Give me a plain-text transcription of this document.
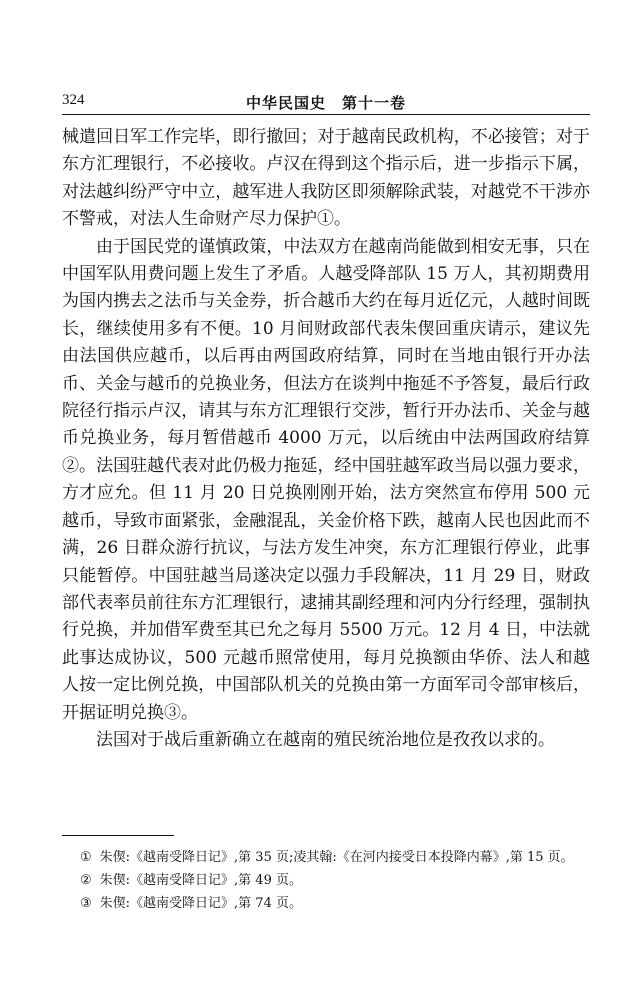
324	中华民国史　第十一卷

械遣回日军工作完毕，即行撤回；对于越南民政机构，不必接管；对于东方汇理银行，不必接收。卢汉在得到这个指示后，进一步指示下属，对法越纠纷严守中立，越军进人我防区即须解除武装，对越党不干涉亦不警戒，对法人生命财产尽力保护①。

由于国民党的谨慎政策，中法双方在越南尚能做到相安无事，只在中国军队用费问题上发生了矛盾。人越受降部队 15 万人，其初期费用为国内携去之法币与关金券，折合越币大约在每月近亿元，人越时间既长，继续使用多有不便。10 月间财政部代表朱偰回重庆请示，建议先由法国供应越币，以后再由两国政府结算，同时在当地由银行开办法币、关金与越币的兑换业务，但法方在谈判中拖延不予答复，最后行政院径行指示卢汉，请其与东方汇理银行交涉，暂行开办法币、关金与越币兑换业务，每月暂借越币 4000 万元，以后统由中法两国政府结算②。法国驻越代表对此仍极力拖延，经中国驻越军政当局以强力要求，方才应允。但 11 月 20 日兑换刚刚开始，法方突然宣布停用 500 元越币，导致市面紧张，金融混乱，关金价格下跌，越南人民也因此而不满，26 日群众游行抗议，与法方发生冲突，东方汇理银行停业，此事只能暂停。中国驻越当局遂决定以强力手段解决，11 月 29 日，财政部代表率员前往东方汇理银行，逮捕其副经理和河内分行经理，强制执行兑换，并加借军费至其已允之每月 5500 万元。12 月 4 日，中法就此事达成协议，500 元越币照常使用，每月兑换额由华侨、法人和越人按一定比例兑换，中国部队机关的兑换由第一方面军司令部审核后，开据证明兑换③。

法国对于战后重新确立在越南的殖民统治地位是孜孜以求的。

① 朱偰:《越南受降日记》,第 35 页;凌其翰:《在河内接受日本投降内幕》,第 15 页。

② 朱偰:《越南受降日记》,第 49 页。

③ 朱偰:《越南受降日记》,第 74 页。
